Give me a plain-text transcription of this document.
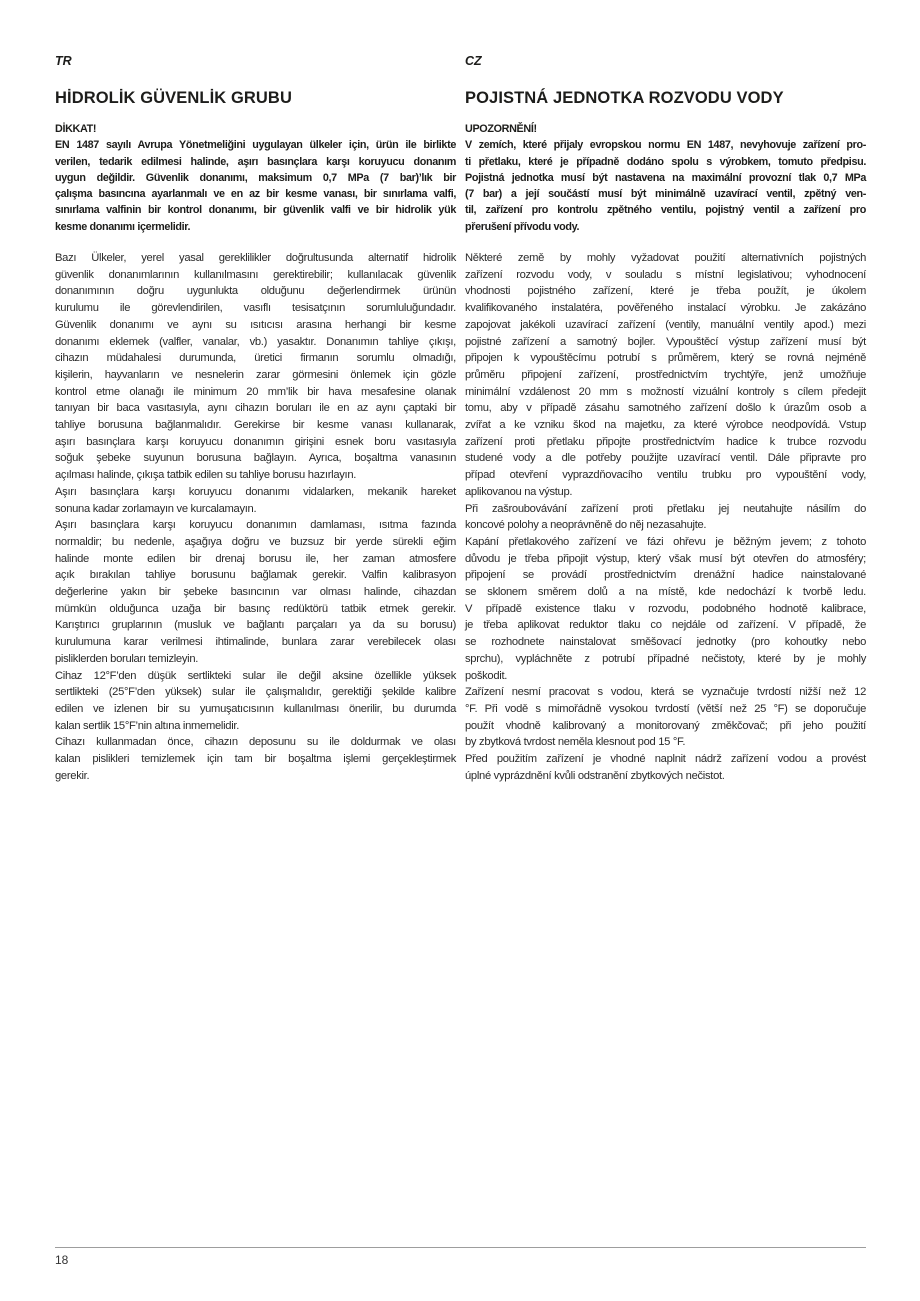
TR
HİDROLİK GÜVENLİK GRUBU
DİKKAT!
EN 1487 sayılı Avrupa Yönetmeliğini uygulayan ülkeler için, ürün ile birlikte
verilen, tedarik edilmesi halinde, aşırı basınçlara karşı koruyucu donanım
uygun değildir. Güvenlik donanımı, maksimum 0,7 MPa (7 bar)’lık bir
çalışma basıncına ayarlanmalı ve en az bir kesme vanası, bir sınırlama valfi,
sınırlama valfinin bir kontrol donanımı, bir güvenlik valfi ve bir hidrolik yük
kesme donanımı içermelidir.
Bazı Ülkeler, yerel yasal gereklilikler doğrultusunda alternatif hidrolik
güvenlik donanımlarının kullanılmasını gerektirebilir; kullanılacak güvenlik
donanımının doğru uygunlukta olduğunu değerlendirmek ürünün
kurulumu ile görevlendirilen, vasıflı tesisatçının sorumluluğundadır.
Güvenlik donanımı ve aynı su ısıtıcısı arasına herhangi bir kesme
donanımı eklemek (valfler, vanalar, vb.) yasaktır. Donanımın tahliye çıkışı,
cihazın müdahalesi durumunda, üretici firmanın sorumlu olmadığı,
kişilerin, hayvanların ve nesnelerin zarar görmesini önlemek için gözle
kontrol etme olanağı ile minimum 20 mm’lik bir hava mesafesine olanak
tanıyan bir baca vasıtasıyla, aynı cihazın boruları ile en az aynı çaptaki bir
tahliye borusuna bağlanmalıdır. Gerekirse bir kesme vanası kullanarak,
aşırı basınçlara karşı koruyucu donanımın girişini esnek boru vasıtasıyla
soğuk şebeke suyunun borusuna bağlayın. Ayrıca, boşaltma vanasının
açılması halinde, çıkışa tatbik edilen su tahliye borusu hazırlayın.
Aşırı basınçlara karşı koruyucu donanımı vidalarken, mekanik hareket
sonuna kadar zorlamayın ve kurcalamayın.
Aşırı basınçlara karşı koruyucu donanımın damlaması, ısıtma fazında
normaldir; bu nedenle, aşağıya doğru ve buzsuz bir yerde sürekli eğim
halinde monte edilen bir drenaj borusu ile, her zaman atmosfere
açık bırakılan tahliye borusunu bağlamak gerekir. Valfin kalibrasyon
değerlerine yakın bir şebeke basıncının var olması halinde, cihazdan
mümkün olduğunca uzağa bir basınç redüktörü tatbik etmek gerekir.
Karıştırıcı gruplarının (musluk ve bağlantı parçaları ya da su borusu)
kurulumuna karar verilmesi ihtimalinde, bunlara zarar verebilecek olası
pisliklerden boruları temizleyin.
Cihaz 12°F’den düşük sertlikteki sular ile değil aksine özellikle yüksek
sertlikteki (25°F’den yüksek) sular ile çalışmalıdır, gerektiği şekilde kalibre
edilen ve izlenen bir su yumuşatıcısının kullanılması önerilir, bu durumda
kalan sertlik 15°F’nin altına inmemelidir.
Cihazı kullanmadan önce, cihazın deposunu su ile doldurmak ve olası
kalan pislikleri temizlemek için tam bir boşaltma işlemi gerçekleştirmek
gerekir.
CZ
POJISTNÁ JEDNOTKA ROZVODU VODY
UPOZORNĚNÍ!
V zemích, které přijaly evropskou normu EN 1487, nevyhovuje zařízení pro-
ti přetlaku, které je případně dodáno spolu s výrobkem, tomuto předpisu.
Pojistná jednotka musí být nastavena na maximální provozní tlak 0,7 MPa
(7 bar) a její součástí musí být minimálně uzavírací ventil, zpětný ven-
til, zařízení pro kontrolu zpětného ventilu, pojistný ventil a zařízení pro
přerušení přívodu vody.
Některé země by mohly vyžadovat použití alternativních pojistných
zařízení rozvodu vody, v souladu s místní legislativou; vyhodnocení
vhodnosti pojistného zařízení, které je třeba použít, je úkolem
kvalifikovaného instalatéra, pověřeného instalací výrobku. Je zakázáno
zapojovat jakékoli uzavírací zařízení (ventily, manuální ventily apod.) mezi
pojistné zařízení a samotný bojler. Vypouštěcí výstup zařízení musí být
připojen k vypouštěcímu potrubí s průměrem, který se rovná nejméně
průměru připojení zařízení, prostřednictvím trychtýře, jenž umožňuje
minimální vzdálenost 20 mm s možností vizuální kontroly s cílem předejit
tomu, aby v případě zásahu samotného zařízení došlo k úrazům osob a
zvířat a ke vzniku škod na majetku, za které výrobce neodpovídá. Vstup
zařízení proti přetlaku připojte prostřednictvím hadice k trubce rozvodu
studené vody a dle potřeby použijte uzavírací ventil. Dále připravte pro
případ otevření vyprazdňovacího ventilu trubku pro vypouštění vody,
aplikovanou na výstup.
Při zašroubovávání zařízení proti přetlaku jej neutahujte násilím do
koncové polohy a neoprávněně do něj nezasahujte.
Kapání přetlakového zařízení ve fázi ohřevu je běžným jevem; z tohoto
důvodu je třeba připojit výstup, který však musí být otevřen do atmosféry;
připojení se provádí prostřednictvím drenážní hadice nainstalované
se sklonem směrem dolů a na místě, kde nedochází k tvorbě ledu.
V případě existence tlaku v rozvodu, podobného hodnotě kalibrace,
je třeba aplikovat reduktor tlaku co nejdále od zařízení. V případě, že
se rozhodnete nainstalovat směšovací jednotky (pro kohoutky nebo
sprchu), vypláchněte z potrubí případné nečistoty, které by je mohly
poškodit.
Zařízení nesmí pracovat s vodou, která se vyznačuje tvrdostí nižší než 12
°F. Při vodě s mimořádně vysokou tvrdostí (větší než 25 °F) se doporučuje
použít vhodně kalibrovaný a monitorovaný změkčovač; při jeho použití
by zbytková tvrdost neměla klesnout pod 15 °F.
Před použitím zařízení je vhodné naplnit nádrž zařízení vodou a provést
úplné vyprázdnění kvůli odstranění zbytkových nečistot.
18
